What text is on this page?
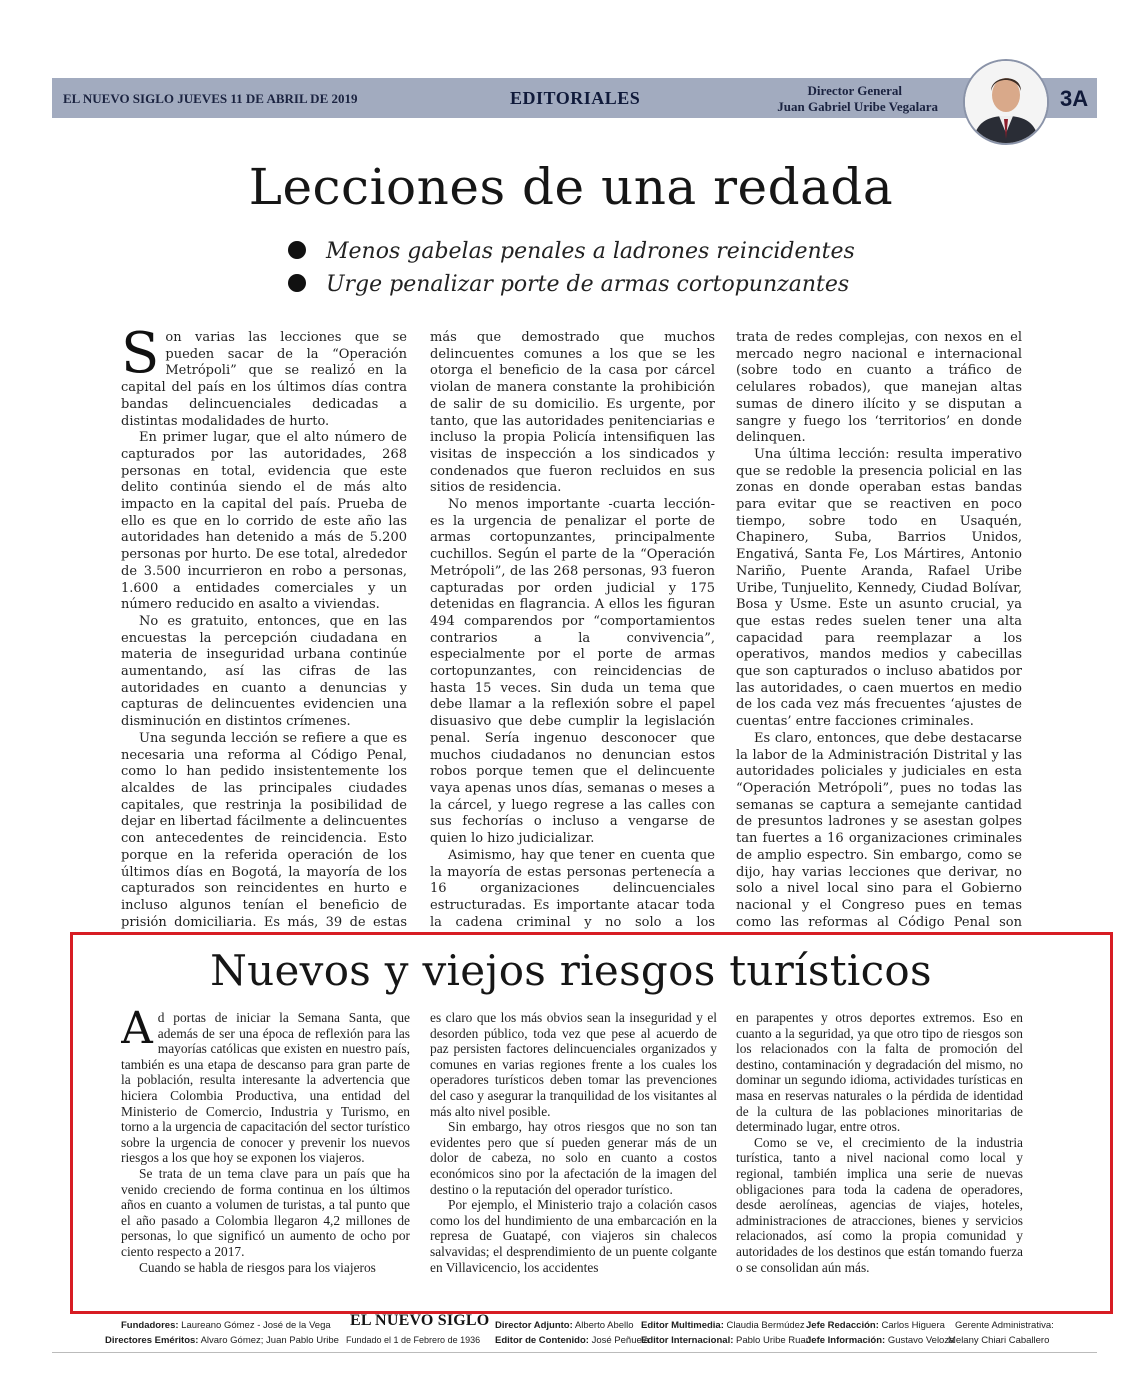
EL NUEVO SIGLO JUEVES 11 DE ABRIL DE 2019	EDITORIALES	Director General
Juan Gabriel Uribe Vegalara	3A
Lecciones de una redada
Menos gabelas penales a ladrones reincidentes
Urge penalizar porte de armas cortopunzantes

Son varias las lecciones que se pueden sacar de la “Operación Metrópoli” que se realizó en la capital del país en los últimos días contra bandas delincuenciales dedicadas a distintas modalidades de hurto.

En primer lugar, que el alto número de capturados por las autoridades, 268 personas en total, evidencia que este delito continúa siendo el de más alto impacto en la capital del país. Prueba de ello es que en lo corrido de este año las autoridades han detenido a más de 5.200 personas por hurto. De ese total, alrededor de 3.500 incurrieron en robo a personas, 1.600 a entidades comerciales y un número reducido en asalto a viviendas.

No es gratuito, entonces, que en las encuestas la percepción ciudadana en materia de inseguridad urbana continúe aumentando, así las cifras de las autoridades en cuanto a denuncias y capturas de delincuentes evidencien una disminución en distintos crímenes.

Una segunda lección se refiere a que es necesaria una reforma al Código Penal, como lo han pedido insistentemente los alcaldes de las principales ciudades capitales, que restrinja la posibilidad de dejar en libertad fácilmente a delincuentes con antecedentes de reincidencia. Esto porque en la referida operación de los últimos días en Bogotá, la mayoría de los capturados son reincidentes en hurto e incluso algunos tenían el beneficio de prisión domiciliaria. Es más, 39 de estas

más que demostrado que muchos delincuentes comunes a los que se les otorga el beneficio de la casa por cárcel violan de manera constante la prohibición de salir de su domicilio. Es urgente, por tanto, que las autoridades penitenciarias e incluso la propia Policía intensifiquen las visitas de inspección a los sindicados y condenados que fueron recluidos en sus sitios de residencia.

No menos importante -cuarta lección- es la urgencia de penalizar el porte de armas cortopunzantes, principalmente cuchillos. Según el parte de la “Operación Metrópoli”, de las 268 personas, 93 fueron capturadas por orden judicial y 175 detenidas en flagrancia. A ellos les figuran 494 comparendos por “comportamientos contrarios a la convivencia”, especialmente por el porte de armas cortopunzantes, con reincidencias de hasta 15 veces. Sin duda un tema que debe llamar a la reflexión sobre el papel disuasivo que debe cumplir la legislación penal. Sería ingenuo desconocer que muchos ciudadanos no denuncian estos robos porque temen que el delincuente vaya apenas unos días, semanas o meses a la cárcel, y luego regrese a las calles con sus fechorías o incluso a vengarse de quien lo hizo judicializar.

Asimismo, hay que tener en cuenta que la mayoría de estas personas pertenecía a 16 organizaciones delincuenciales estructuradas. Es importante atacar toda la cadena criminal y no solo a los

trata de redes complejas, con nexos en el mercado negro nacional e internacional (sobre todo en cuanto a tráfico de celulares robados), que manejan altas sumas de dinero ilícito y se disputan a sangre y fuego los ‘territorios’ en donde delinquen.

Una última lección: resulta imperativo que se redoble la presencia policial en las zonas en donde operaban estas bandas para evitar que se reactiven en poco tiempo, sobre todo en Usaquén, Chapinero, Suba, Barrios Unidos, Engativá, Santa Fe, Los Mártires, Antonio Nariño, Puente Aranda, Rafael Uribe Uribe, Tunjuelito, Kennedy, Ciudad Bolívar, Bosa y Usme. Este un asunto crucial, ya que estas redes suelen tener una alta capacidad para reemplazar a los operativos, mandos medios y cabecillas que son capturados o incluso abatidos por las autoridades, o caen muertos en medio de los cada vez más frecuentes ‘ajustes de cuentas’ entre facciones criminales.

Es claro, entonces, que debe destacarse la labor de la Administración Distrital y las autoridades policiales y judiciales en esta “Operación Metrópoli”, pues no todas las semanas se captura a semejante cantidad de presuntos ladrones y se asestan golpes tan fuertes a 16 organizaciones criminales de amplio espectro. Sin embargo, como se dijo, hay varias lecciones que derivar, no solo a nivel local sino para el Gobierno nacional y el Congreso pues en temas como las reformas al Código Penal son

Nuevos y viejos riesgos turísticos

Ad portas de iniciar la Semana Santa, que además de ser una época de reflexión para las mayorías católicas que existen en nuestro país, también es una etapa de descanso para gran parte de la población, resulta interesante la advertencia que hiciera Colombia Productiva, una entidad del Ministerio de Comercio, Industria y Turismo, en torno a la urgencia de capacitación del sector turístico sobre la urgencia de conocer y prevenir los nuevos riesgos a los que hoy se exponen los viajeros.

Se trata de un tema clave para un país que ha venido creciendo de forma continua en los últimos años en cuanto a volumen de turistas, a tal punto que el año pasado a Colombia llegaron 4,2 millones de personas, lo que significó un aumento de ocho por ciento respecto a 2017.

Cuando se habla de riesgos para los viajeros

es claro que los más obvios sean la inseguridad y el desorden público, toda vez que pese al acuerdo de paz persisten factores delincuenciales organizados y comunes en varias regiones frente a los cuales los operadores turísticos deben tomar las prevenciones del caso y asegurar la tranquilidad de los visitantes al más alto nivel posible.

Sin embargo, hay otros riesgos que no son tan evidentes pero que sí pueden generar más de un dolor de cabeza, no solo en cuanto a costos económicos sino por la afectación de la imagen del destino o la reputación del operador turístico.

Por ejemplo, el Ministerio trajo a colación casos como los del hundimiento de una embarcación en la represa de Guatapé, con viajeros sin chalecos salvavidas; el desprendimiento de un puente colgante en Villavicencio, los accidentes

en parapentes y otros deportes extremos. Eso en cuanto a la seguridad, ya que otro tipo de riesgos son los relacionados con la falta de promoción del destino, contaminación y degradación del mismo, no dominar un segundo idioma, actividades turísticas en masa en reservas naturales o la pérdida de identidad de la cultura de las poblaciones minoritarias de determinado lugar, entre otros.

Como se ve, el crecimiento de la industria turística, tanto a nivel nacional como local y regional, también implica una serie de nuevas obligaciones para toda la cadena de operadores, desde aerolíneas, agencias de viajes, hoteles, administraciones de atracciones, bienes y servicios relacionados, así como la propia comunidad y autoridades de los destinos que están tomando fuerza o se consolidan aún más.

Fundadores: Laureano Gómez - José de la Vega
Directores Eméritos: Alvaro Gómez; Juan Pablo Uribe
EL NUEVO SIGLO
Fundado el 1 de Febrero de 1936
Director Adjunto: Alberto Abello
Editor de Contenido: José Peñuela
Editor Multimedia: Claudia Bermúdez
Editor Internacional: Pablo Uribe Ruan
Jefe Redacción: Carlos Higuera
Jefe Información: Gustavo Veloza
Gerente Administrativa:
Melany Chiari Caballero
